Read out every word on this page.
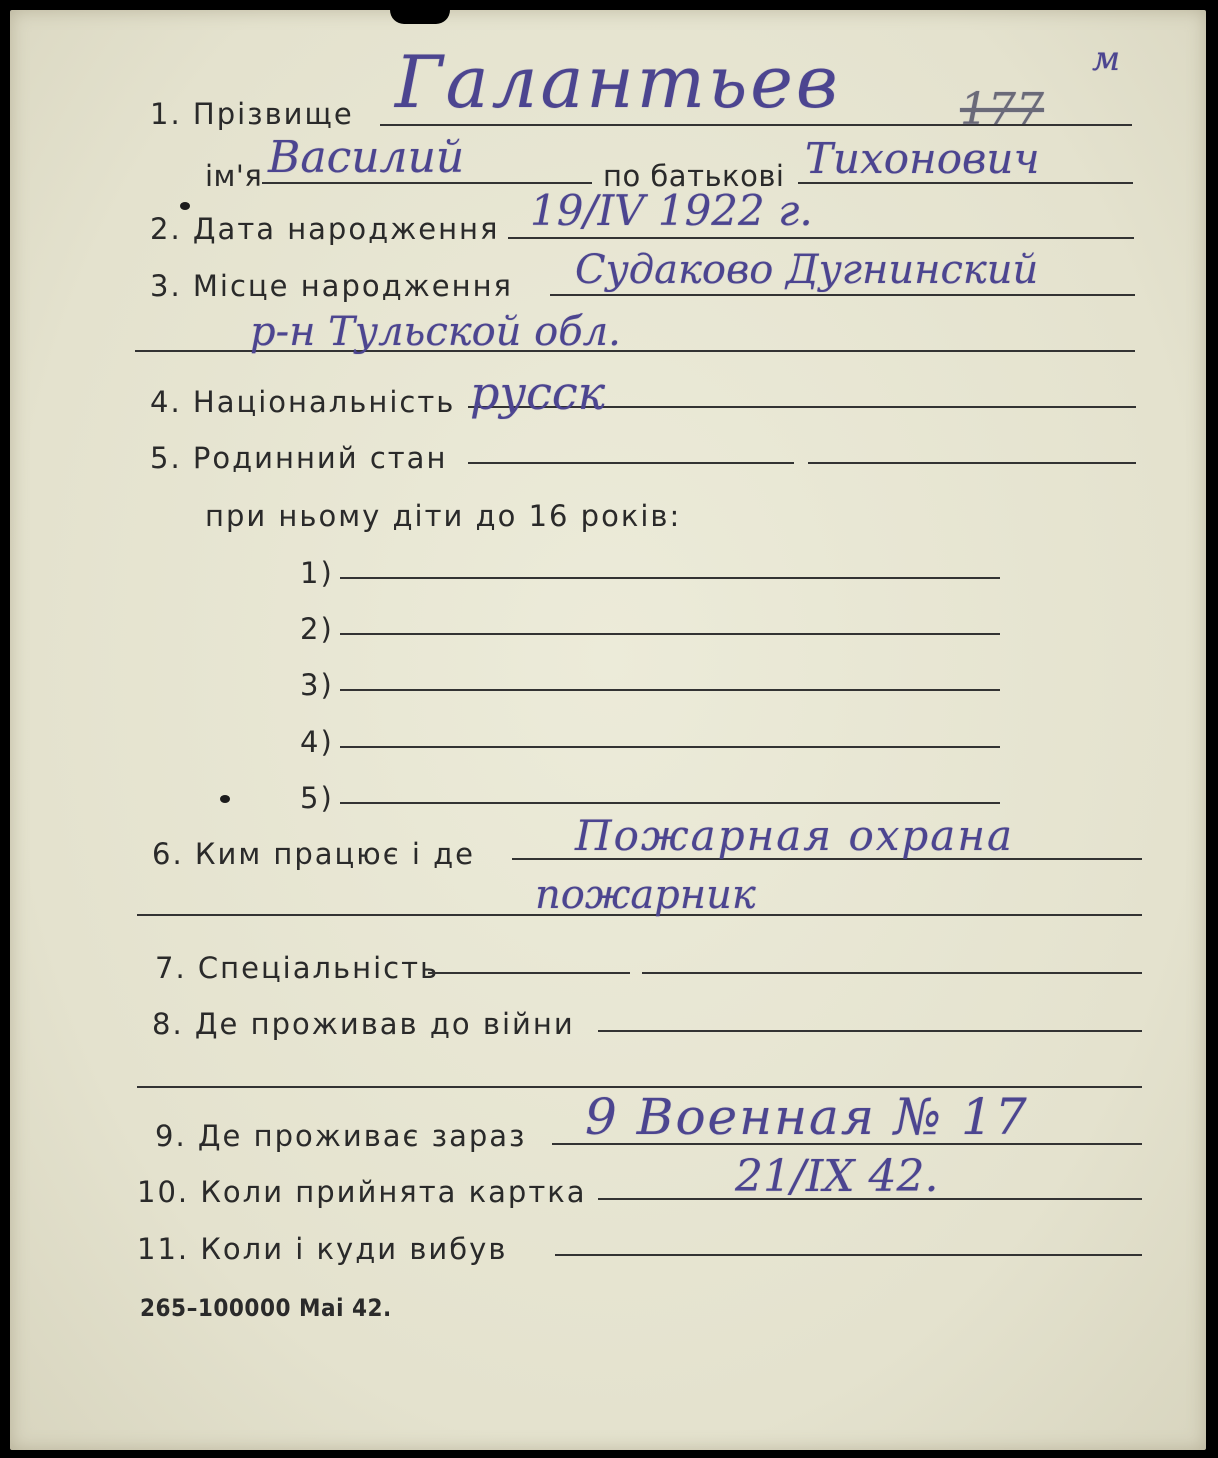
м
1. Прізвище Галантьев	177
ім'я Василий	по батькові Тихонович
2. Дата народження 19/IV 1922 г.
3. Місце народження Судаково Дугнинский
р-н Тульской обл.
4. Національність русск
5. Родинний стан
при ньому діти до 16 років:
1)
2)
3)
4)
5)
6. Ким працює і де Пожарная охрана
пожарник
7. Спеціальність
8. Де проживав до війни
9. Де проживає зараз 9 Военная № 17
10. Коли прийнята картка	21/IX 42.
11. Коли і куди вибув
265–100000 Mai 42.
